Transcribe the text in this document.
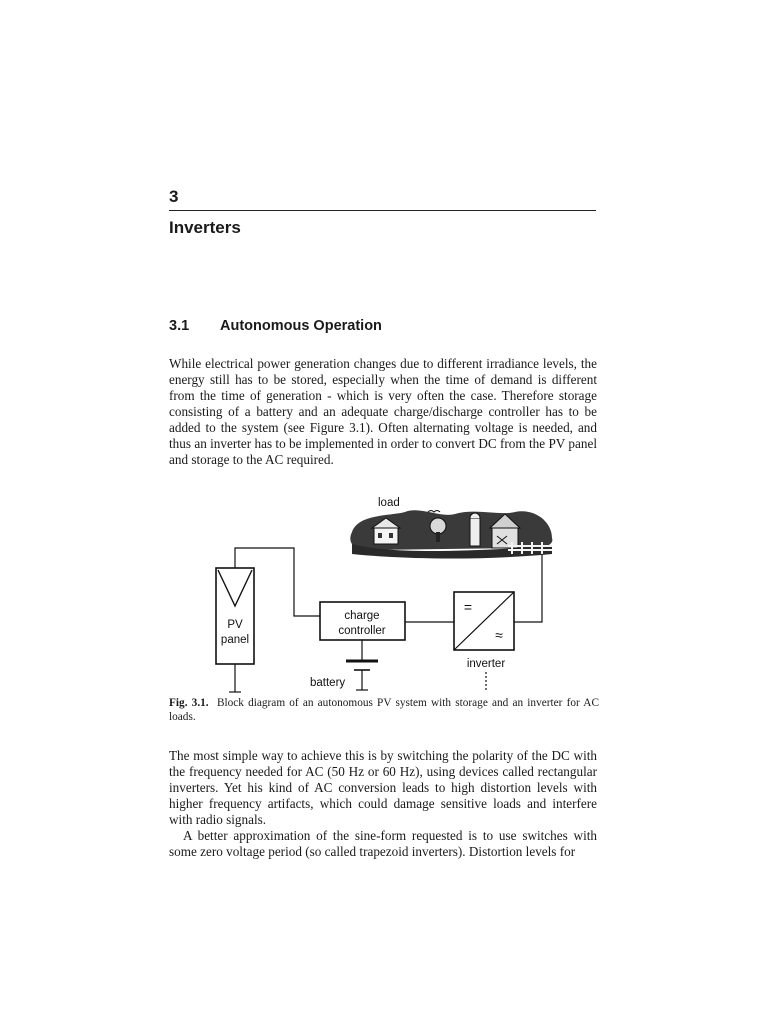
3
Inverters
3.1 Autonomous Operation

While electrical power generation changes due to different irradiance levels, the energy still has to be stored, especially when the time of demand is different from the time of generation - which is very often the case. Therefore storage consisting of a battery and an adequate charge/discharge controller has to be added to the system (see Figure 3.1). Often alternating voltage is needed, and thus an inverter has to be implemented in order to convert DC from the PV panel and storage to the AC required.

load
PV
panel
charge
controller
battery
=
≈
inverter

Fig. 3.1. Block diagram of an autonomous PV system with storage and an inverter for AC loads.

The most simple way to achieve this is by switching the polarity of the DC with the frequency needed for AC (50 Hz or 60 Hz), using devices called rectangular inverters. Yet his kind of AC conversion leads to high distortion levels with higher frequency artifacts, which could damage sensitive loads and interfere with radio signals.

A better approximation of the sine-form requested is to use switches with some zero voltage period (so called trapezoid inverters). Distortion levels for
